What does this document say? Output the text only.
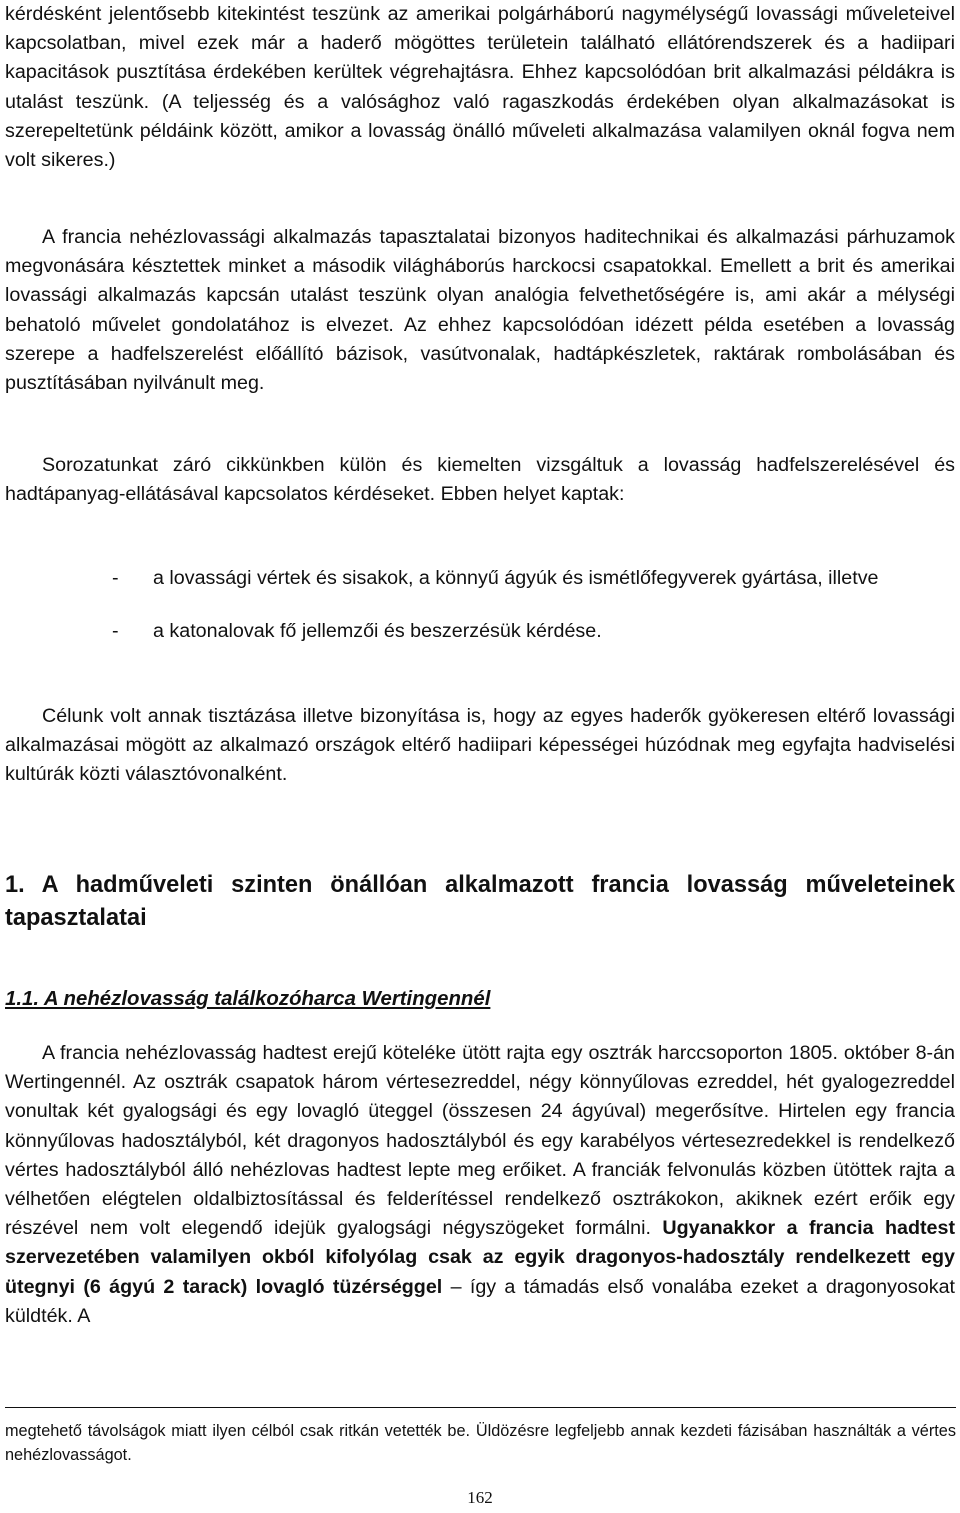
kérdésként jelentősebb kitekintést teszünk az amerikai polgárháború nagymélységű lovassági műveleteivel kapcsolatban, mivel ezek már a haderő mögöttes területein található ellátórendszerek és a hadiipari kapacitások pusztítása érdekében kerültek végrehajtásra. Ehhez kapcsolódóan brit alkalmazási példákra is utalást teszünk. (A teljesség és a valósághoz való ragaszkodás érdekében olyan alkalmazásokat is szerepeltetünk példáink között, amikor a lovasság önálló műveleti alkalmazása valamilyen oknál fogva nem volt sikeres.)

A francia nehézlovassági alkalmazás tapasztalatai bizonyos haditechnikai és alkalmazási párhuzamok megvonására késztettek minket a második világháborús harckocsi csapatokkal. Emellett a brit és amerikai lovassági alkalmazás kapcsán utalást teszünk olyan analógia felvethetőségére is, ami akár a mélységi behatoló művelet gondolatához is elvezet. Az ehhez kapcsolódóan idézett példa esetében a lovasság szerepe a hadfelszerelést előállító bázisok, vasútvonalak, hadtápkészletek, raktárak rombolásában és pusztításában nyilvánult meg.

Sorozatunkat záró cikkünkben külön és kiemelten vizsgáltuk a lovasság hadfelszerelésével és hadtápanyag-ellátásával kapcsolatos kérdéseket. Ebben helyet kaptak:

- a lovassági vértek és sisakok, a könnyű ágyúk és ismétlőfegyverek gyártása, illetve
- a katonalovak fő jellemzői és beszerzésük kérdése.

Célunk volt annak tisztázása illetve bizonyítása is, hogy az egyes haderők gyökeresen eltérő lovassági alkalmazásai mögött az alkalmazó országok eltérő hadiipari képességei húzódnak meg egyfajta hadviselési kultúrák közti választóvonalként.

1. A hadműveleti szinten önállóan alkalmazott francia lovasság műveleteinek tapasztalatai
1.1. A nehézlovasság találkozóharca Wertingennél

A francia nehézlovasság hadtest erejű köteléke ütött rajta egy osztrák harccsoporton 1805. október 8-án Wertingennél. Az osztrák csapatok három vértesezreddel, négy könnyűlovas ezreddel, hét gyalogezreddel vonultak két gyalogsági és egy lovagló üteggel (összesen 24 ágyúval) megerősítve. Hirtelen egy francia könnyűlovas hadosztályból, két dragonyos hadosztályból és egy karabélyos vértesezredekkel is rendelkező vértes hadosztályból álló nehézlovas hadtest lepte meg erőiket. A franciák felvonulás közben ütöttek rajta a vélhetően elégtelen oldalbiztosítással és felderítéssel rendelkező osztrákokon, akiknek ezért erőik egy részével nem volt elegendő idejük gyalogsági négyszögeket formálni. Ugyanakkor a francia hadtest szervezetében valamilyen okból kifolyólag csak az egyik dragonyos-hadosztály rendelkezett egy ütegnyi (6 ágyú 2 tarack) lovagló tüzérséggel – így a támadás első vonalába ezeket a dragonyosokat küldték. A

megtehető távolságok miatt ilyen célból csak ritkán vetették be. Üldözésre legfeljebb annak kezdeti fázisában használták a vértes nehézlovasságot.

162
